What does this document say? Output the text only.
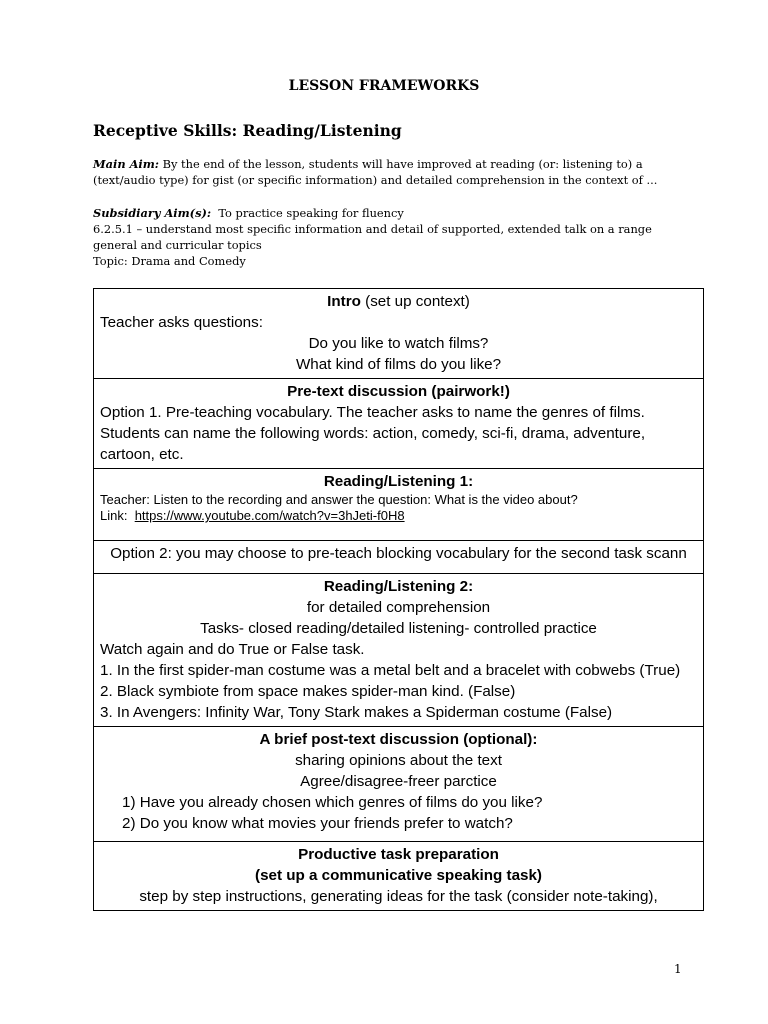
LESSON FRAMEWORKS
Receptive Skills: Reading/Listening
Main Aim: By the end of the lesson, students will have improved at reading (or: listening to) a (text/audio type) for gist (or specific information) and detailed comprehension in the context of ...
Subsidiary Aim(s):  To practice speaking for fluency
6.2.5.1 – understand most specific information and detail of supported, extended talk on a range general and curricular topics
Topic: Drama and Comedy
Intro (set up context)
Teacher asks questions:
Do you like to watch films?
What kind of films do you like?

Pre-text discussion (pairwork!)
Option 1. Pre-teaching vocabulary. The teacher asks to name the genres of films.
Students can name the following words: action, comedy, sci-fi, drama, adventure, cartoon, etc.

Reading/Listening 1:
Teacher: Listen to the recording and answer the question: What is the video about?
Link:  https://www.youtube.com/watch?v=3hJeti-f0H8

Option 2: you may choose to pre-teach blocking vocabulary for the second task scann

Reading/Listening 2:
for detailed comprehension
Tasks- closed reading/detailed listening- controlled practice
Watch again and do True or False task.
1. In the first spider-man costume was a metal belt and a bracelet with cobwebs (True)
2. Black symbiote from space makes spider-man kind. (False)
3. In Avengers: Infinity War, Tony Stark makes a Spiderman costume (False)

A brief post-text discussion (optional):
sharing opinions about the text
Agree/disagree-freer parctice
1) Have you already chosen which genres of films do you like?
2) Do you know what movies your friends prefer to watch?

Productive task preparation
(set up a communicative speaking task)
step by step instructions, generating ideas for the task (consider note-taking),
1
